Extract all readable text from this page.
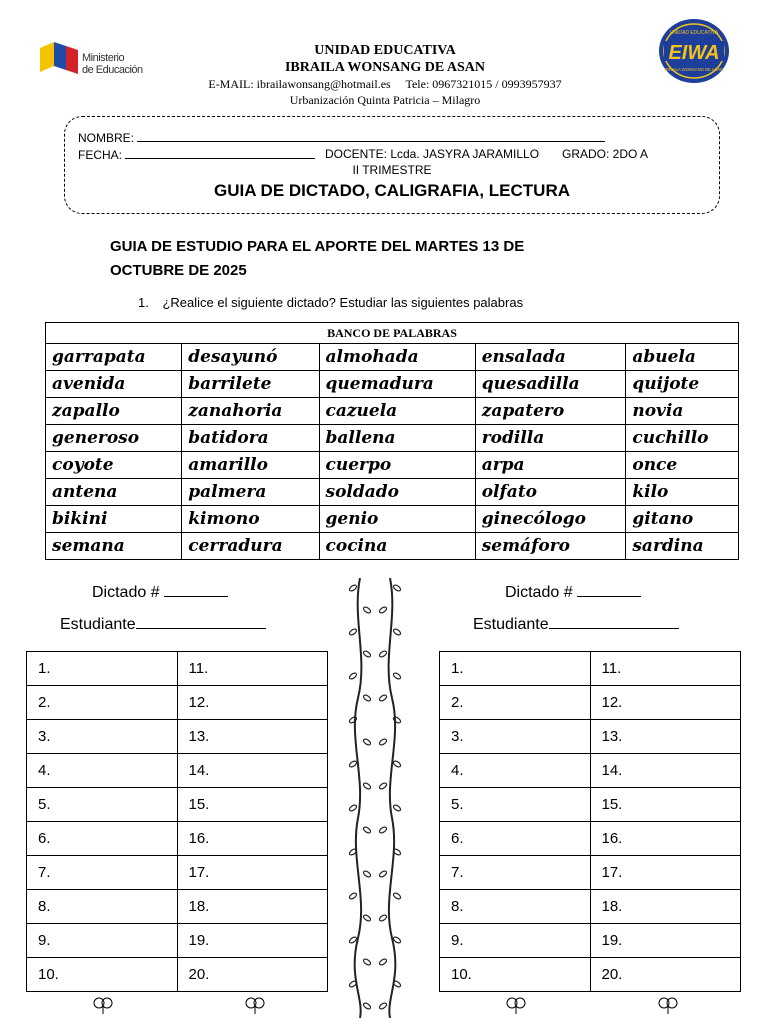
Ministerio
de Educación
UNIDAD EDUCATIVA
IBRAILA WONSANG DE ASAN
E-MAIL: ibrailawonsang@hotmail.es     Tele: 0967321015 / 0993957937
Urbanización Quinta Patricia – Milagro
EIWA
UNIDAD EDUCATIVA
IBRAILA WONSANG DE ASAN
NOMBRE:
FECHA:	DOCENTE: Lcda. JASYRA JARAMILLO GRADO: 2DO A
II TRIMESTRE
GUIA DE DICTADO, CALIGRAFIA, LECTURA
GUIA DE ESTUDIO PARA EL APORTE DEL MARTES 13 DE
OCTUBRE DE 2025
1. ¿Realice el siguiente dictado? Estudiar las siguientes palabras
BANCO DE PALABRAS				
garrapata	desayunó	almohada	ensalada	abuela
avenida	barrilete	quemadura	quesadilla	quijote
zapallo	zanahoria	cazuela	zapatero	novia
generoso	batidora	ballena	rodilla	cuchillo
coyote	amarillo	cuerpo	arpa	once
antena	palmera	soldado	olfato	kilo
bikini	kimono	genio	ginecólogo	gitano
semana	cerradura	cocina	semáforo	sardina
Dictado #
Estudiante
Dictado #
Estudiante
1.	11.
2.	12.
3.	13.
4.	14.
5.	15.
6.	16.
7.	17.
8.	18.
9.	19.
10.	20.
1.	11.
2.	12.
3.	13.
4.	14.
5.	15.
6.	16.
7.	17.
8.	18.
9.	19.
10.	20.
